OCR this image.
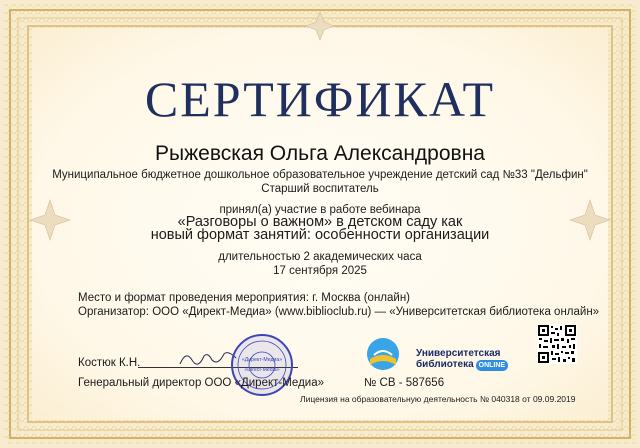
СЕРТИФИКАТ
Рыжевская Ольга Александровна
Муниципальное бюджетное дошкольное образовательное учреждение детский сад №33 "Дельфин"
Старший воспитатель
принял(а) участие в работе вебинара
«Разговоры о важном» в детском саду как
новый формат занятий: особенности организации
длительностью 2 академических часа
17 сентября 2025
Место и формат проведения мероприятия: г. Москва (онлайн)
Организатор: ООО «Директ-Медиа» (www.biblioclub.ru) — «Университетская библиотека онлайн»
Костюк К.Н.	«Директ-Медиа»
«Direct-Media»
Генеральный директор ООО «Директ-Медиа»
Университетская
библиотека ONLINE
№ СВ - 587656
Лицензия на образовательную деятельность № 040318 от 09.09.2019
